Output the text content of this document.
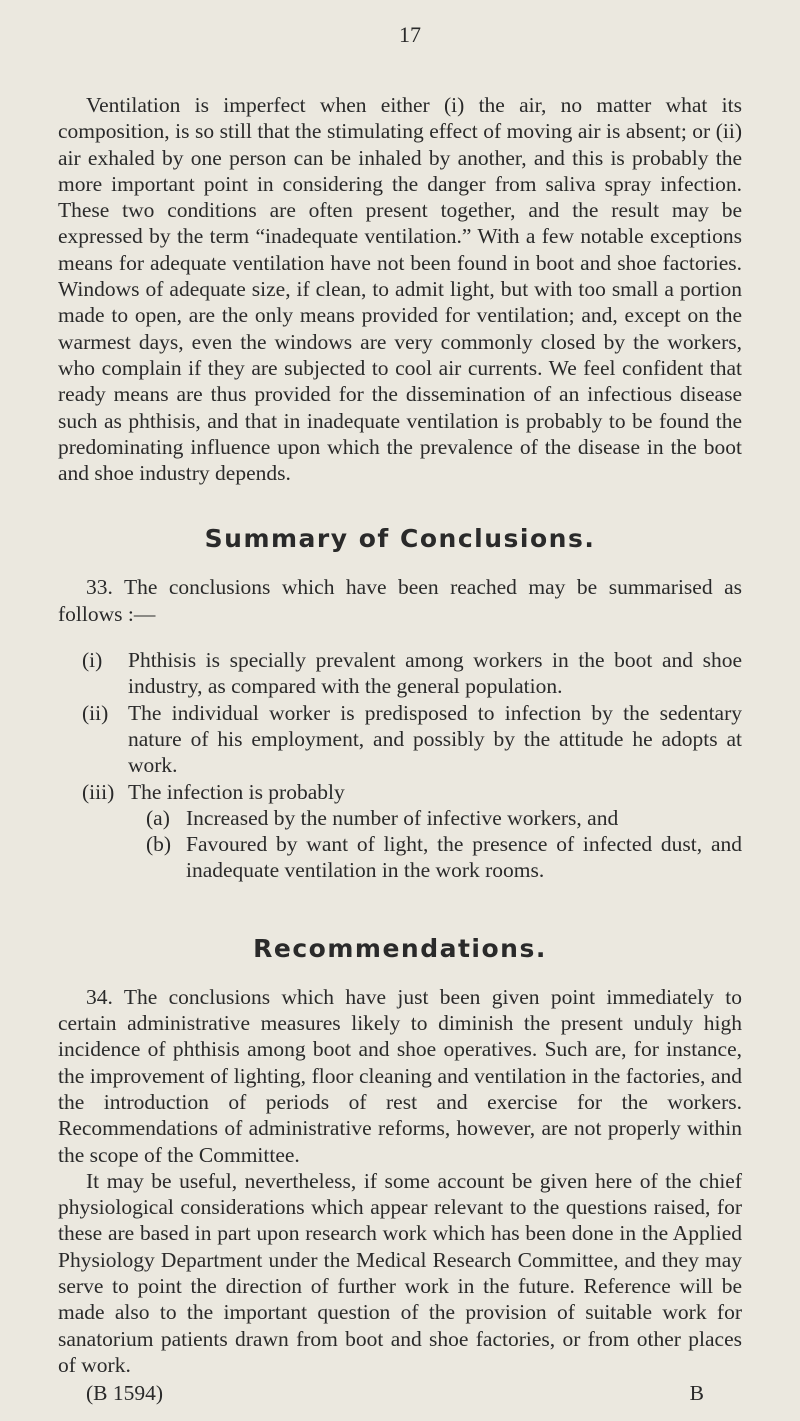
17

Ventilation is imperfect when either (i) the air, no matter what its composition, is so still that the stimulating effect of moving air is absent; or (ii) air exhaled by one person can be inhaled by another, and this is probably the more important point in considering the danger from saliva spray infection. These two conditions are often present together, and the result may be expressed by the term “inadequate ventilation.” With a few notable exceptions means for adequate ventilation have not been found in boot and shoe factories. Windows of adequate size, if clean, to admit light, but with too small a portion made to open, are the only means provided for ventilation; and, except on the warmest days, even the windows are very commonly closed by the workers, who complain if they are subjected to cool air currents. We feel confident that ready means are thus provided for the dissemination of an infectious disease such as phthisis, and that in inadequate ventilation is probably to be found the predominating influence upon which the prevalence of the disease in the boot and shoe industry depends.

Summary of Conclusions.

33. The conclusions which have been reached may be summarised as follows :—

(i)	Phthisis is specially prevalent among workers in the boot and shoe industry, as compared with the general population.
(ii) The individual worker is predisposed to infection by the sedentary nature of his employment, and possibly by the attitude he adopts at work.
(iii) The infection is probably
(a) Increased by the number of infective workers, and
(b) Favoured by want of light, the presence of infected dust, and inadequate ventilation in the work rooms.
Recommendations.

34. The conclusions which have just been given point immediately to certain administrative measures likely to diminish the present unduly high incidence of phthisis among boot and shoe operatives. Such are, for instance, the improvement of lighting, floor cleaning and ventilation in the factories, and the introduction of periods of rest and exercise for the workers. Recommendations of administrative reforms, however, are not properly within the scope of the Committee.

It may be useful, nevertheless, if some account be given here of the chief physiological considerations which appear relevant to the questions raised, for these are based in part upon research work which has been done in the Applied Physiology Department under the Medical Research Committee, and they may serve to point the direction of further work in the future. Reference will be made also to the important question of the provision of suitable work for sanatorium patients drawn from boot and shoe factories, or from other places of work.

(B 1594)	B
